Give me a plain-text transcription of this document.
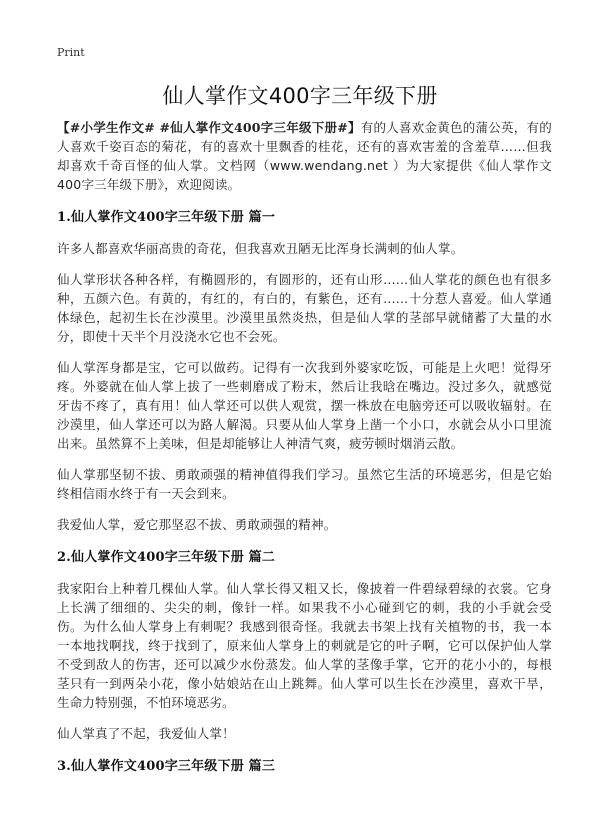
Print
仙人掌作文400字三年级下册

【#小学生作文# #仙人掌作文400字三年级下册#】有的人喜欢金黄色的蒲公英，有的人喜欢千姿百态的菊花，有的喜欢十里飘香的桂花，还有的喜欢害羞的含羞草……但我却喜欢千奇百怪的仙人掌。文档网（www.wendang.net ）为大家提供《仙人掌作文400字三年级下册》，欢迎阅读。

1.仙人掌作文400字三年级下册 篇一

许多人都喜欢华丽高贵的奇花，但我喜欢丑陋无比浑身长满刺的仙人掌。

仙人掌形状各种各样，有椭圆形的，有圆形的，还有山形……仙人掌花的颜色也有很多种，五颜六色。有黄的，有红的，有白的，有紫色，还有……十分惹人喜爱。仙人掌通体绿色，起初生长在沙漠里。沙漠里虽然炎热，但是仙人掌的茎部早就储蓄了大量的水分，即使十天半个月没浇水它也不会死。

仙人掌浑身都是宝，它可以做药。记得有一次我到外婆家吃饭，可能是上火吧！觉得牙疼。外婆就在仙人掌上拔了一些刺磨成了粉末，然后让我晗在嘴边。没过多久，就感觉牙齿不疼了，真有用！仙人掌还可以供人观赏，摆一株放在电脑旁还可以吸收辐射。在沙漠里，仙人掌还可以为路人解渴。只要从仙人掌身上凿一个小口，水就会从小口里流出来。虽然算不上美味，但是却能够让人神清气爽，疲劳顿时烟消云散。

仙人掌那坚韧不拔、勇敢顽强的精神值得我们学习。虽然它生活的环境恶劣，但是它始终相信雨水终于有一天会到来。

我爱仙人掌，爱它那坚忍不拔、勇敢顽强的精神。

2.仙人掌作文400字三年级下册 篇二

我家阳台上种着几棵仙人掌。仙人掌长得又粗又长，像披着一件碧绿碧绿的衣裳。它身上长满了细细的、尖尖的刺，像针一样。如果我不小心碰到它的刺，我的小手就会受伤。为什么仙人掌身上有刺呢？我感到很奇怪。我就去书架上找有关植物的书，我一本一本地找啊找，终于找到了，原来仙人掌身上的刺就是它的叶子啊，它可以保护仙人掌不受到敌人的伤害，还可以减少水份蒸发。仙人掌的茎像手掌，它开的花小小的，每根茎只有一到两朵小花，像小姑娘站在山上跳舞。仙人掌可以生长在沙漠里，喜欢干旱，生命力特别强，不怕环境恶劣。

仙人掌真了不起，我爱仙人掌！

3.仙人掌作文400字三年级下册 篇三
